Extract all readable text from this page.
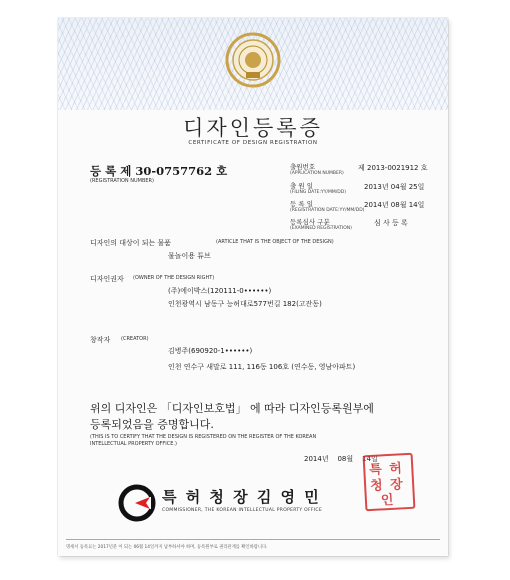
디자인등록증
CERTIFICATE OF DESIGN REGISTRATION
등 록 제 30-0757762 호
(REGISTRATION NUMBER)
출원번호
(APPLICATION NUMBER)
제 2013-0021912 호
출 원 일
(FILING DATE:YY/MM/DD)
2013년 04월 25일
등 록 일
(REGISTRATION DATE:YY/MM/DD)
2014년 08월 14일
등록심사 구분
(EXAMINED REGISTRATION)
심 사 등 록
디자인의 대상이 되는 물품	(ARTICLE THAT IS THE OBJECT OF THE DESIGN)
물놀이용 튜브
디자인권자 (OWNER OF THE DESIGN RIGHT)
(주)에이박스(120111-0••••••)
인천광역시 남동구 능허대로577번길 182(고잔동)
창작자 (CREATOR)
김병주(690920-1••••••)
인천 연수구 새말로 111, 116동 106호 (연수동, 영남아파트)
위의 디자인은 「디자인보호법」 에 따라 디자인등록원부에
등록되었음을 증명합니다.
(THIS IS TO CERTIFY THAT THE DESIGN IS REGISTERED ON THE REGISTER OF THE KOREAN
INTELLECTUAL PROPERTY OFFICE.)
2014년    08월    14일
특 허 청 장 김 영 민
COMMISSIONER, THE KOREAN INTELLECTUAL PROPERTY OFFICE
특 허
청 장
인
명세서 등록료는 2017년분 이 되는 06월 14일까지 납부하셔야 하며, 등록원부로 권리관계를 확인바랍니다.
